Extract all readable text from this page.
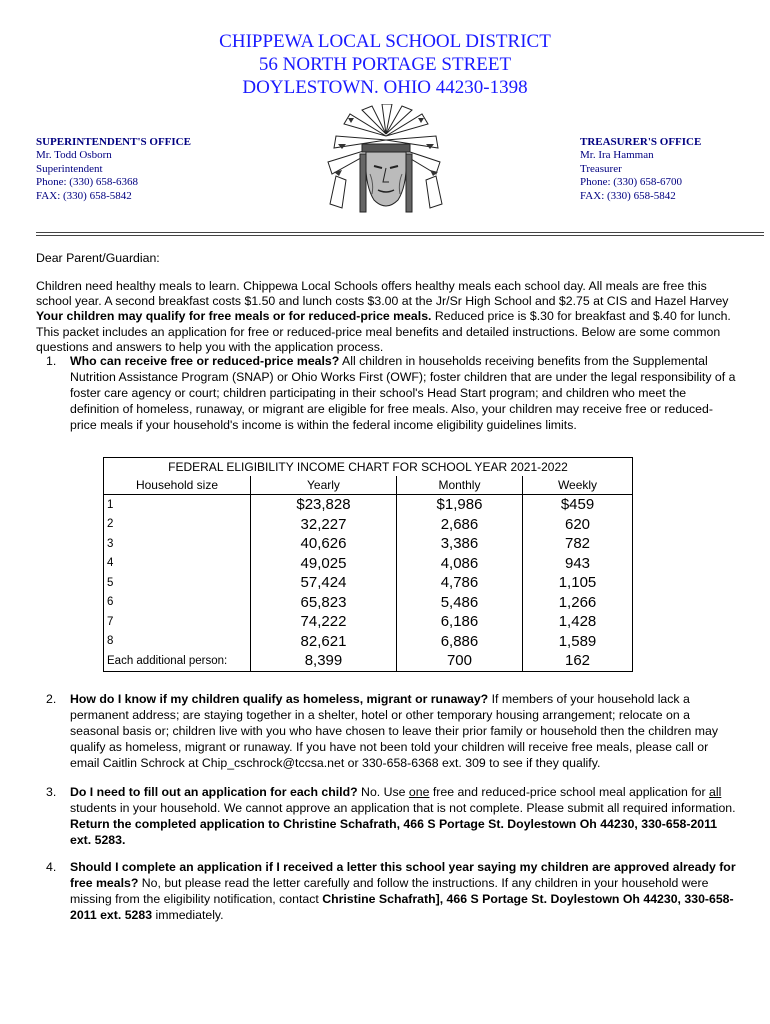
CHIPPEWA LOCAL SCHOOL DISTRICT
56 NORTH PORTAGE STREET
DOYLESTOWN. OHIO 44230-1398
SUPERINTENDENT'S OFFICE
Mr. Todd Osborn
Superintendent
Phone: (330) 658-6368
FAX: (330) 658-5842
TREASURER'S OFFICE
Mr. Ira Hamman
Treasurer
Phone: (330) 658-6700
FAX: (330) 658-5842
Dear Parent/Guardian:
Children need healthy meals to learn. Chippewa Local Schools offers healthy meals each school day. All meals are free this school year. A second breakfast costs $1.50 and lunch costs $3.00 at the Jr/Sr High School and $2.75 at CIS and Hazel Harvey Your children may qualify for free meals or for reduced-price meals. Reduced price is $.30 for breakfast and $.40 for lunch. This packet includes an application for free or reduced-price meal benefits and detailed instructions. Below are some common questions and answers to help you with the application process.
1. Who can receive free or reduced-price meals? All children in households receiving benefits from the Supplemental Nutrition Assistance Program (SNAP) or Ohio Works First (OWF); foster children that are under the legal responsibility of a foster care agency or court; children participating in their school's Head Start program; and children who meet the definition of homeless, runaway, or migrant are eligible for free meals. Also, your children may receive free or reduced-price meals if your household's income is within the federal income eligibility guidelines limits.
FEDERAL ELIGIBILITY INCOME CHART FOR SCHOOL YEAR 2021-2022			
Household size	Yearly	Monthly	Weekly
1	$23,828	$1,986	$459
2	32,227	2,686	620
3	40,626	3,386	782
4	49,025	4,086	943
5	57,424	4,786	1,105
6	65,823	5,486	1,266
7	74,222	6,186	1,428
8	82,621	6,886	1,589
Each additional person:	8,399	700	162
2. How do I know if my children qualify as homeless, migrant or runaway? If members of your household lack a permanent address; are staying together in a shelter, hotel or other temporary housing arrangement; relocate on a seasonal basis or; children live with you who have chosen to leave their prior family or household then the children may qualify as homeless, migrant or runaway. If you have not been told your children will receive free meals, please call or email Caitlin Schrock at Chip_cschrock@tccsa.net or 330-658-6368 ext. 309 to see if they qualify.
3. Do I need to fill out an application for each child? No. Use one free and reduced-price school meal application for all students in your household. We cannot approve an application that is not complete. Please submit all required information. Return the completed application to Christine Schafrath, 466 S Portage St. Doylestown Oh 44230, 330-658-2011 ext. 5283.
4. Should I complete an application if I received a letter this school year saying my children are approved already for free meals? No, but please read the letter carefully and follow the instructions. If any children in your household were missing from the eligibility notification, contact Christine Schafrath], 466 S Portage St. Doylestown Oh 44230, 330-658-2011 ext. 5283 immediately.
